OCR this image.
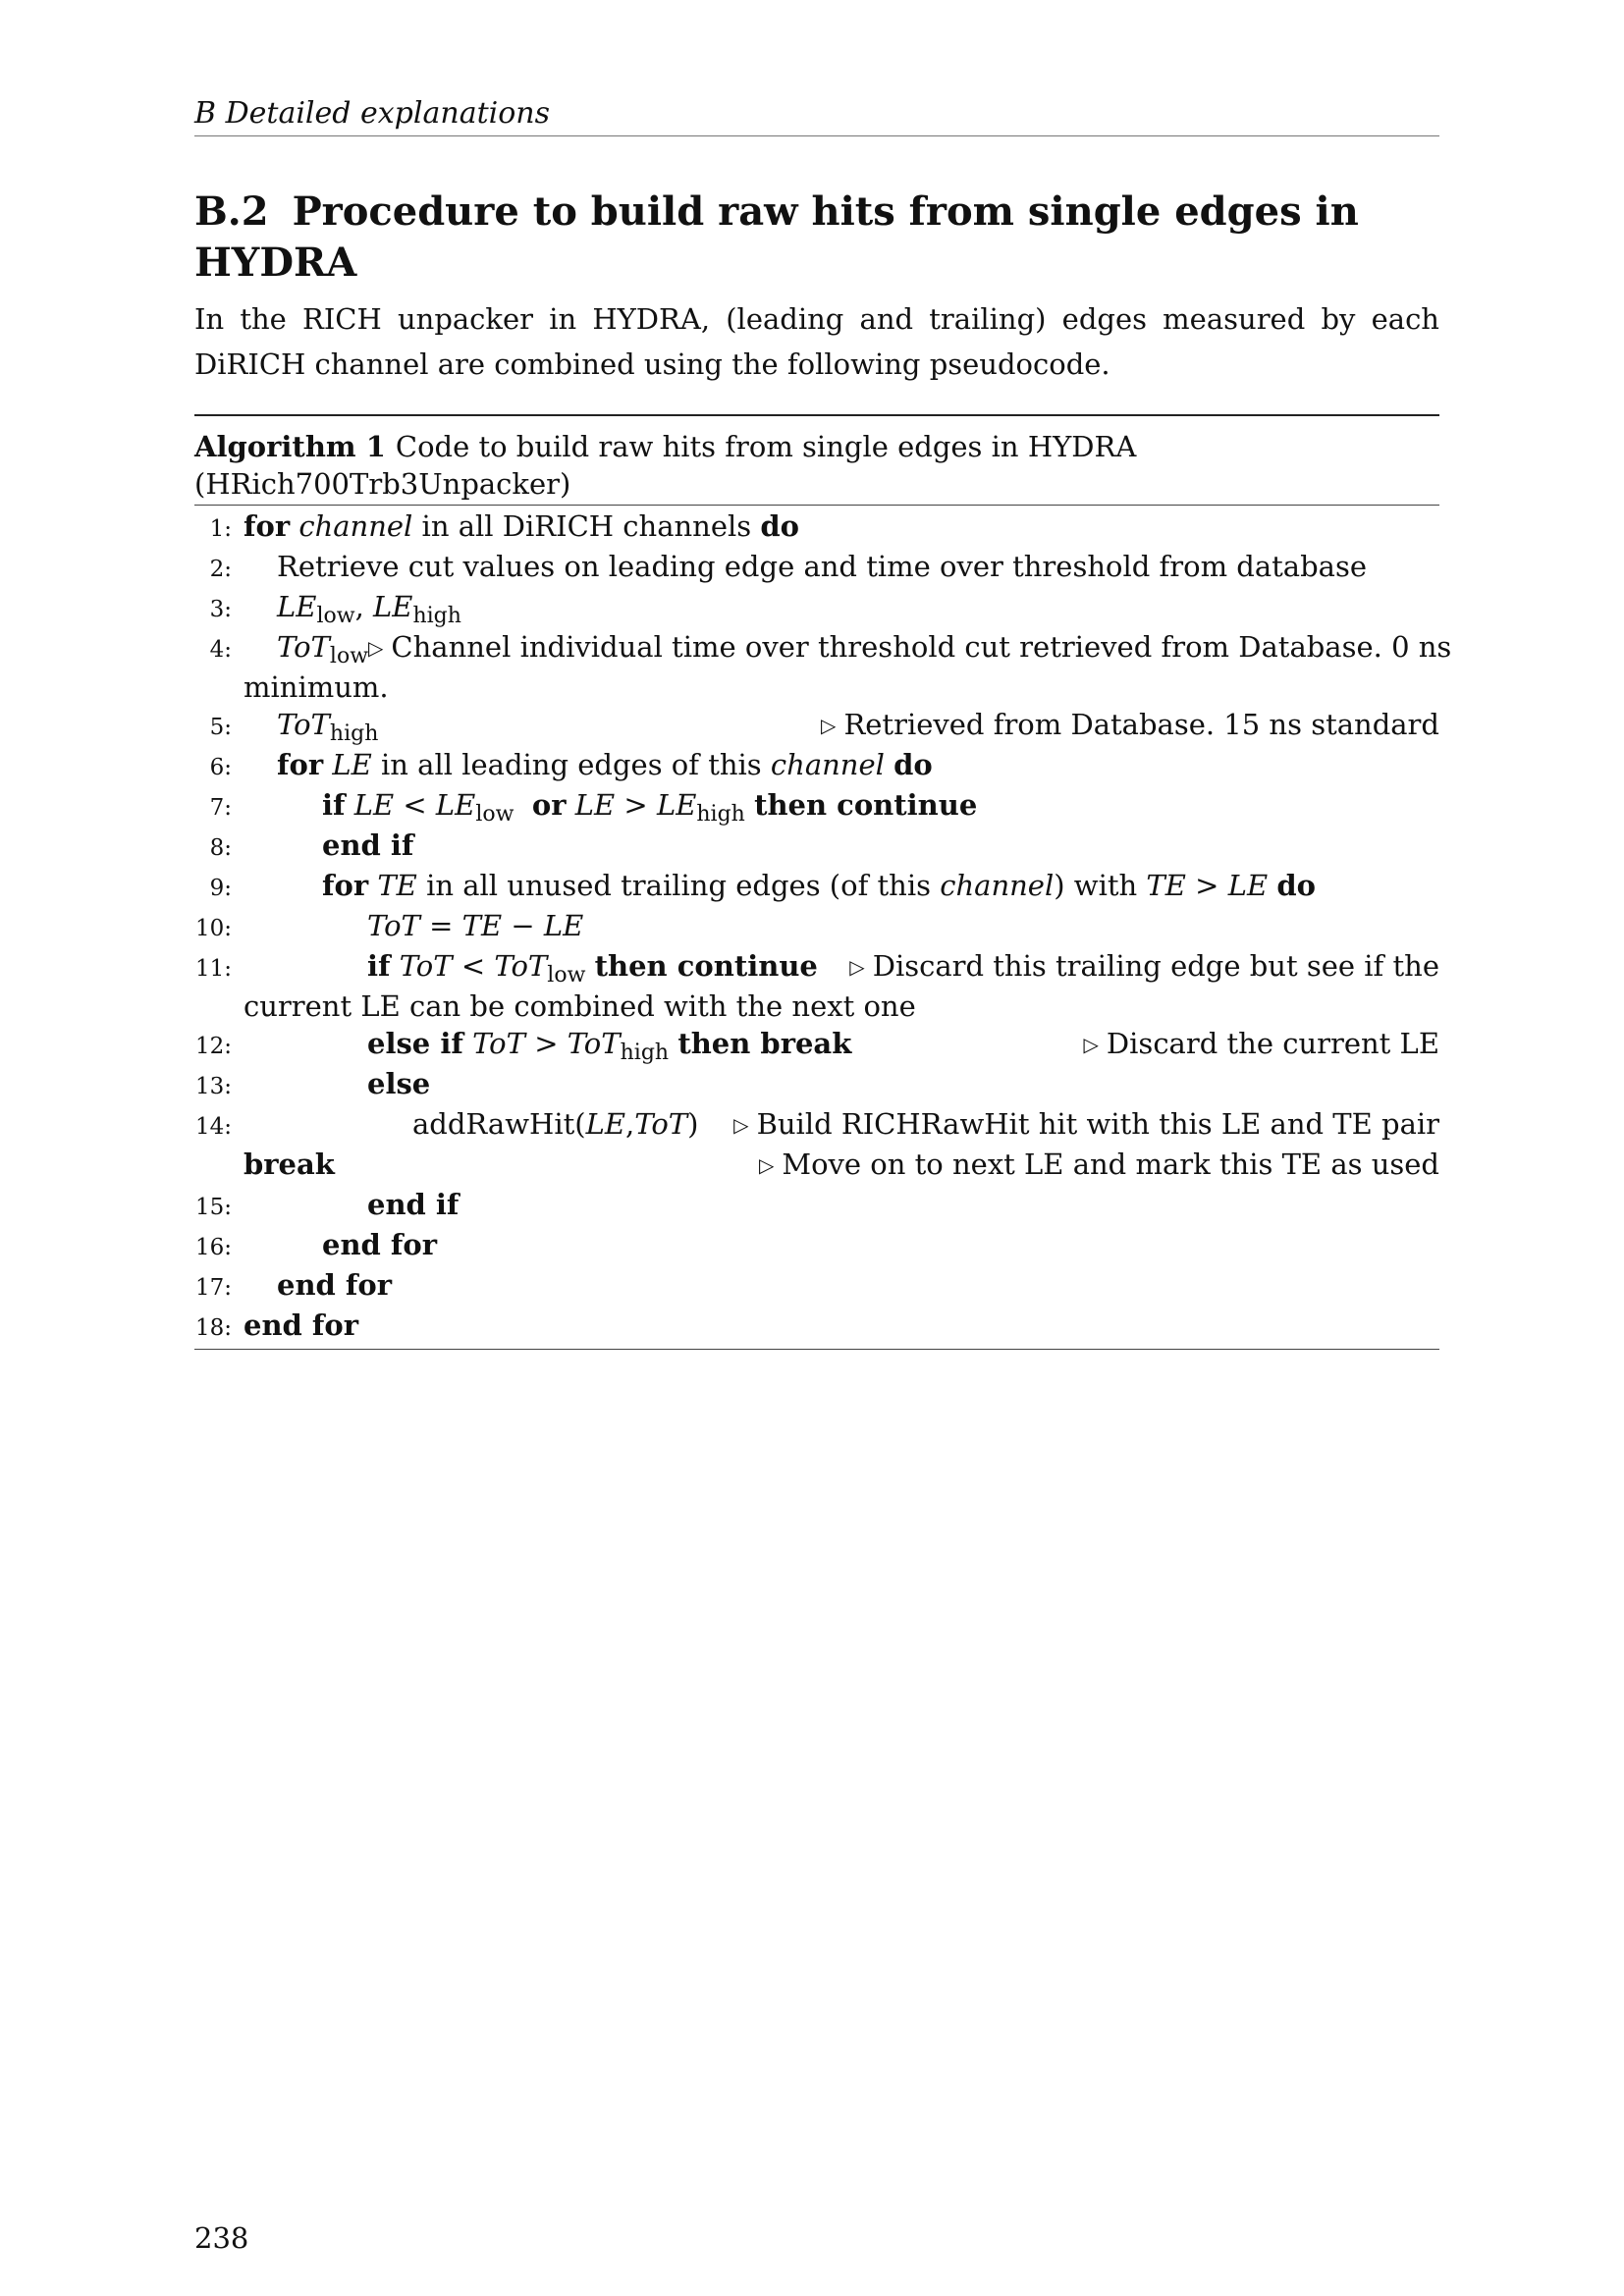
B Detailed explanations
B.2 Procedure to build raw hits from single edges in HYDRA

In the RICH unpacker in HYDRA, (leading and trailing) edges measured by each DiRICH channel are combined using the following pseudocode.

Algorithm 1 Code to build raw hits from single edges in HYDRA (HRich700Trb3Unpacker)
1: for channel in all DiRICH channels do
2: Retrieve cut values on leading edge and time over threshold from database
3: $LE_{low}$, $LE_{high}$
4: ToT$_{low}$ ▷ Channel individual time over threshold cut retrieved from Database. 0 ns
minimum.
5: ToT$_{high}$	▷ Retrieved from Database. 15 ns standard
6: for LE in all leading edges of this channel do
7:	if LE < $LE_{low}$ or LE > $LE_{high}$ then continue
8:	end if
9:	for TE in all unused trailing edges (of this channel) with TE > LE do
10:	ToT = TE − LE
11:	if ToT < ToT$_{low}$ then continue ▷ Discard this trailing edge but see if the
current LE can be combined with the next one
12:	else if ToT > ToT$_{high}$ then break	▷ Discard the current LE
13:	else
14:	addRawHit(LE,ToT) ▷ Build RICHRawHit hit with this LE and TE pair
break	▷ Move on to next LE and mark this TE as used
15:	end if
16:	end for
17: end for
18: end for
238
